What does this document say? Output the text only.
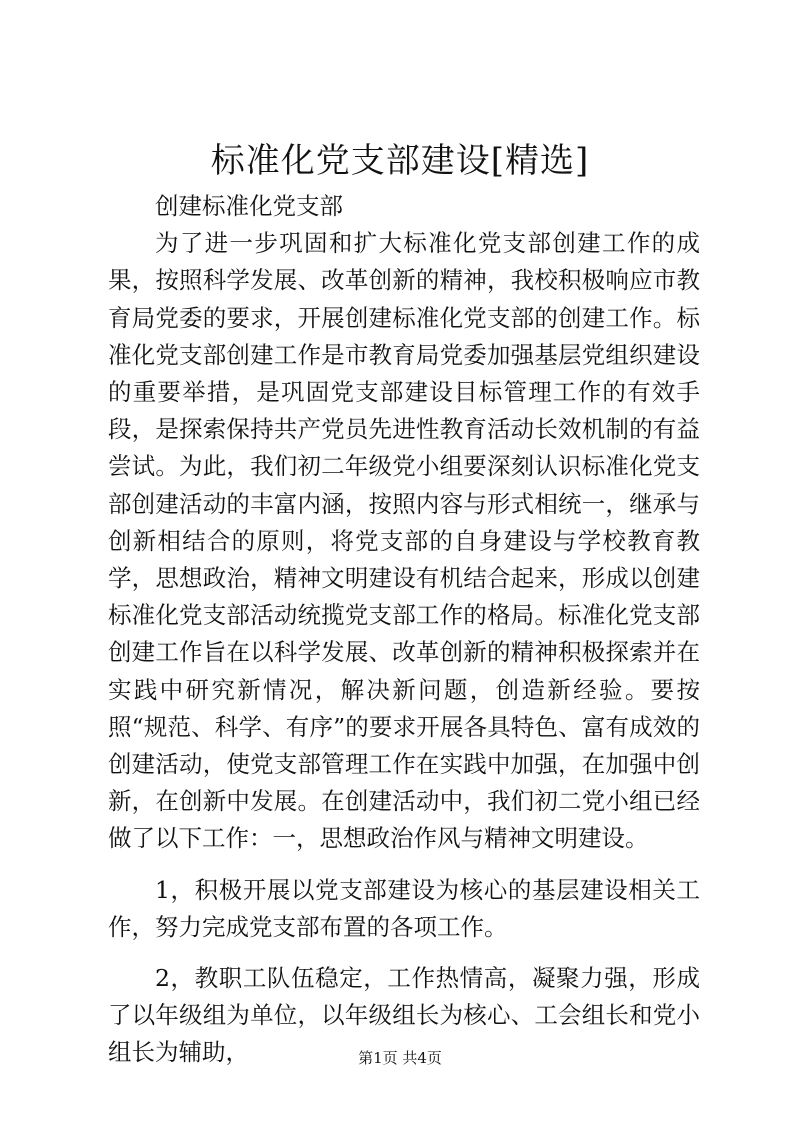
标准化党支部建设[精选]

创建标准化党支部

为了进一步巩固和扩大标准化党支部创建工作的成果，按照科学发展、改革创新的精神，我校积极响应市教育局党委的要求，开展创建标准化党支部的创建工作。标准化党支部创建工作是市教育局党委加强基层党组织建设的重要举措，是巩固党支部建设目标管理工作的有效手段，是探索保持共产党员先进性教育活动长效机制的有益尝试。为此，我们初二年级党小组要深刻认识标准化党支部创建活动的丰富内涵，按照内容与形式相统一，继承与创新相结合的原则，将党支部的自身建设与学校教育教学，思想政治，精神文明建设有机结合起来，形成以创建标准化党支部活动统揽党支部工作的格局。标准化党支部创建工作旨在以科学发展、改革创新的精神积极探索并在实践中研究新情况，解决新问题，创造新经验。要按照“规范、科学、有序”的要求开展各具特色、富有成效的创建活动，使党支部管理工作在实践中加强，在加强中创新，在创新中发展。在创建活动中，我们初二党小组已经做了以下工作：一，思想政治作风与精神文明建设。

1，积极开展以党支部建设为核心的基层建设相关工作，努力完成党支部布置的各项工作。

2，教职工队伍稳定，工作热情高，凝聚力强，形成了以年级组为单位，以年级组长为核心、工会组长和党小组长为辅助，	第1页 共4页
